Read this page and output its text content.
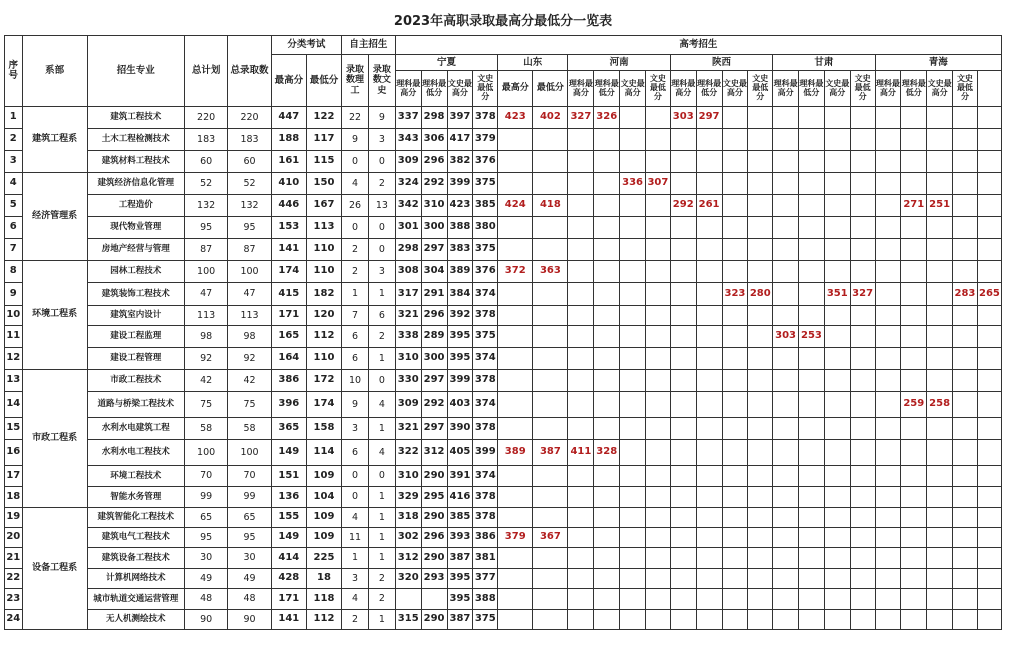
2023年高职录取最高分最低分一览表																															
序号	系部	招生专业	总计划	总录取数	分类考试		自主招生		高考招生																						
					最高分	最低分	录取数理工	录取数文史	宁夏				山东		河南				陕西				甘肃				青海				
									理科最高分	理科最低分	文史最高分	文史最低分	最高分	最低分	理科最高分	理科最低分	文史最高分	文史最低分	理科最高分	理科最低分	文史最高分	文史最低分	理科最高分	理科最低分	文史最高分	文史最低分	理科最高分	理科最低分	文史最高分	文史最低分	
1	建筑工程系	建筑工程技术	220	220	447	122	22	9	337	298	397	378	423	402	327	326			303	297											
2		土木工程检测技术	183	183	188	117	9	3	343	306	417	379																			
3		建筑材料工程技术	60	60	161	115	0	0	309	296	382	376																			
4	经济管理系	建筑经济信息化管理	52	52	410	150	4	2	324	292	399	375					336	307													
5		工程造价	132	132	446	167	26	13	342	310	423	385	424	418					292	261								271	251		
6		现代物业管理	95	95	153	113	0	0	301	300	388	380																			
7		房地产经营与管理	87	87	141	110	2	0	298	297	383	375																			
8	环境工程系	园林工程技术	100	100	174	110	2	3	308	304	389	376	372	363																	
9		建筑装饰工程技术	47	47	415	182	1	1	317	291	384	374									323	280			351	327				283	265
10		建筑室内设计	113	113	171	120	7	6	321	296	392	378																			
11		建设工程监理	98	98	165	112	6	2	338	289	395	375											303	253							
12		建设工程管理	92	92	164	110	6	1	310	300	395	374																			
13	市政工程系	市政工程技术	42	42	386	172	10	0	330	297	399	378																			
14		道路与桥梁工程技术	75	75	396	174	9	4	309	292	403	374																259	258		
15		水利水电建筑工程	58	58	365	158	3	1	321	297	390	378																			
16		水利水电工程技术	100	100	149	114	6	4	322	312	405	399	389	387	411	328															
17		环境工程技术	70	70	151	109	0	0	310	290	391	374																			
18		智能水务管理	99	99	136	104	0	1	329	295	416	378																			
19	设备工程系	建筑智能化工程技术	65	65	155	109	4	1	318	290	385	378																			
20		建筑电气工程技术	95	95	149	109	11	1	302	296	393	386	379	367																	
21		建筑设备工程技术	30	30	414	225	1	1	312	290	387	381																			
22		计算机网络技术	49	49	428	18	3	2	320	293	395	377																			
23		城市轨道交通运营管理	48	48	171	118	4	2			395	388																			
24		无人机测绘技术	90	90	141	112	2	1	315	290	387	375																			
